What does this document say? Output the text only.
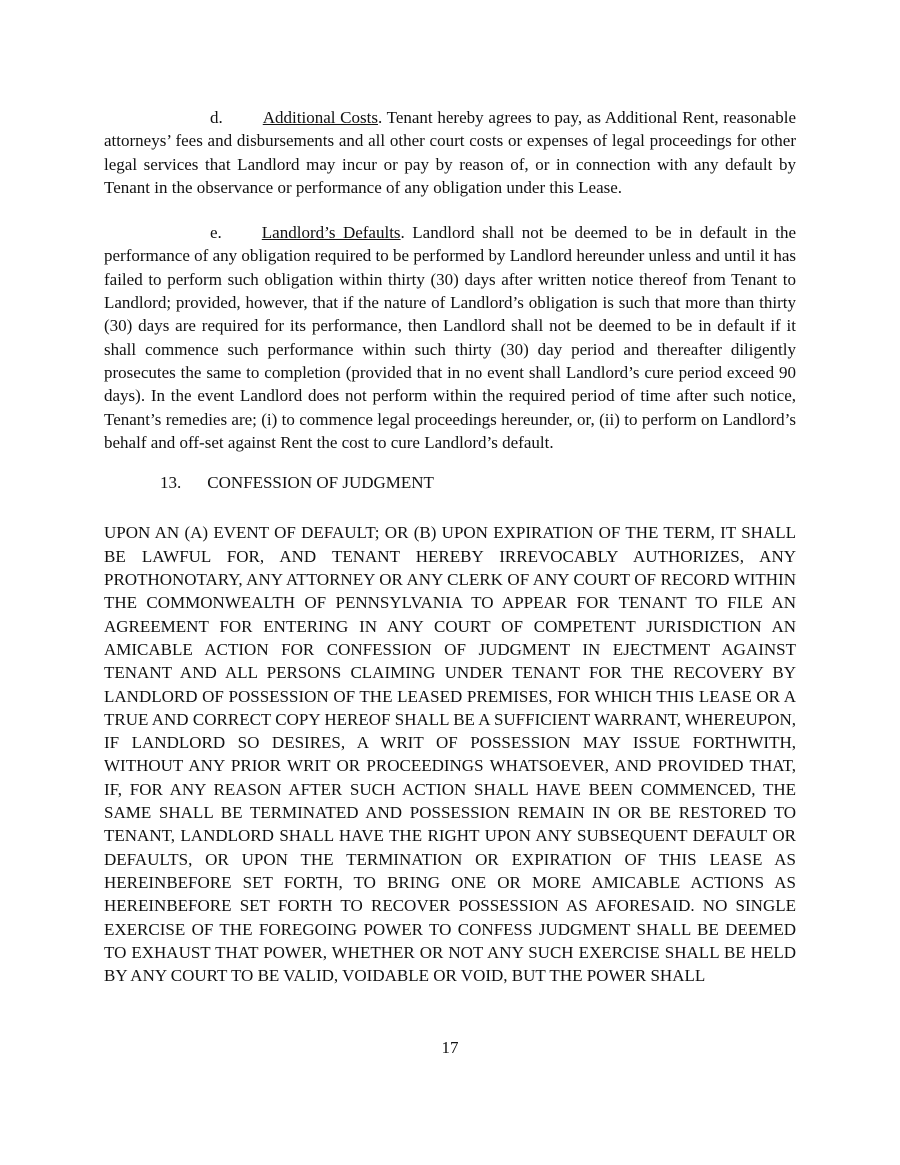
d. Additional Costs. Tenant hereby agrees to pay, as Additional Rent, reasonable attorneys’ fees and disbursements and all other court costs or expenses of legal proceedings for other legal services that Landlord may incur or pay by reason of, or in connection with any default by Tenant in the observance or performance of any obligation under this Lease.

e. Landlord’s Defaults. Landlord shall not be deemed to be in default in the performance of any obligation required to be performed by Landlord hereunder unless and until it has failed to perform such obligation within thirty (30) days after written notice thereof from Tenant to Landlord; provided, however, that if the nature of Landlord’s obligation is such that more than thirty (30) days are required for its performance, then Landlord shall not be deemed to be in default if it shall commence such performance within such thirty (30) day period and thereafter diligently prosecutes the same to completion (provided that in no event shall Landlord’s cure period exceed 90 days). In the event Landlord does not perform within the required period of time after such notice, Tenant’s remedies are; (i) to commence legal proceedings hereunder, or, (ii) to perform on Landlord’s behalf and off-set against Rent the cost to cure Landlord’s default.

13. CONFESSION OF JUDGMENT

UPON AN (A) EVENT OF DEFAULT; OR (B) UPON EXPIRATION OF THE TERM, IT SHALL BE LAWFUL FOR, AND TENANT HEREBY IRREVOCABLY AUTHORIZES, ANY PROTHONOTARY, ANY ATTORNEY OR ANY CLERK OF ANY COURT OF RECORD WITHIN THE COMMONWEALTH OF PENNSYLVANIA TO APPEAR FOR TENANT TO FILE AN AGREEMENT FOR ENTERING IN ANY COURT OF COMPETENT JURISDICTION AN AMICABLE ACTION FOR CONFESSION OF JUDGMENT IN EJECTMENT AGAINST TENANT AND ALL PERSONS CLAIMING UNDER TENANT FOR THE RECOVERY BY LANDLORD OF POSSESSION OF THE LEASED PREMISES, FOR WHICH THIS LEASE OR A TRUE AND CORRECT COPY HEREOF SHALL BE A SUFFICIENT WARRANT, WHEREUPON, IF LANDLORD SO DESIRES, A WRIT OF POSSESSION MAY ISSUE FORTHWITH, WITHOUT ANY PRIOR WRIT OR PROCEEDINGS WHATSOEVER, AND PROVIDED THAT, IF, FOR ANY REASON AFTER SUCH ACTION SHALL HAVE BEEN COMMENCED, THE SAME SHALL BE TERMINATED AND POSSESSION REMAIN IN OR BE RESTORED TO TENANT, LANDLORD SHALL HAVE THE RIGHT UPON ANY SUBSEQUENT DEFAULT OR DEFAULTS, OR UPON THE TERMINATION OR EXPIRATION OF THIS LEASE AS HEREINBEFORE SET FORTH, TO BRING ONE OR MORE AMICABLE ACTIONS AS HEREINBEFORE SET FORTH TO RECOVER POSSESSION AS AFORESAID. NO SINGLE EXERCISE OF THE FOREGOING POWER TO CONFESS JUDGMENT SHALL BE DEEMED TO EXHAUST THAT POWER, WHETHER OR NOT ANY SUCH EXERCISE SHALL BE HELD BY ANY COURT TO BE VALID, VOIDABLE OR VOID, BUT THE POWER SHALL

17
